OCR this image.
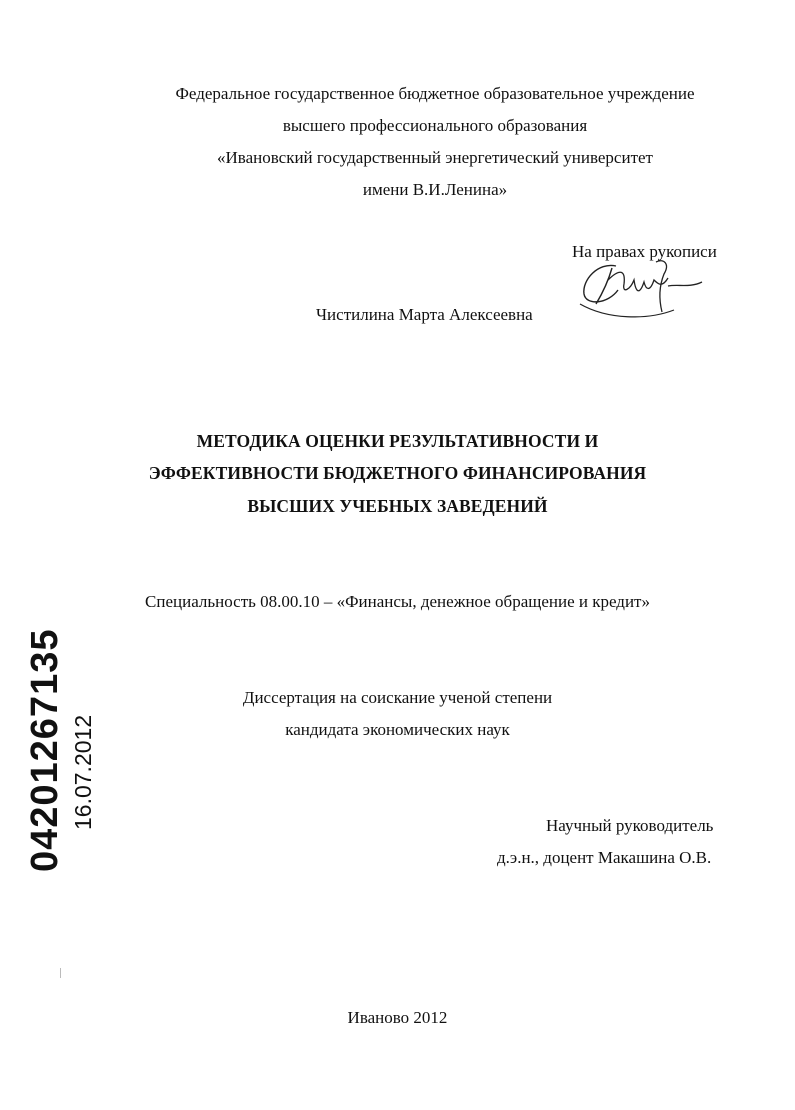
Федеральное государственное бюджетное образовательное учреждение
высшего профессионального образования
«Ивановский государственный энергетический университет
имени В.И.Ленина»
На правах рукописи
Чистилина Марта Алексеевна
МЕТОДИКА ОЦЕНКИ РЕЗУЛЬТАТИВНОСТИ И
ЭФФЕКТИВНОСТИ БЮДЖЕТНОГО ФИНАНСИРОВАНИЯ
ВЫСШИХ УЧЕБНЫХ ЗАВЕДЕНИЙ
Специальность 08.00.10 – «Финансы, денежное обращение и кредит»
Диссертация на соискание ученой степени
кандидата экономических наук
Научный руководитель
д.э.н., доцент Макашина О.В.
Иваново 2012
04201267135 16.07.2012
